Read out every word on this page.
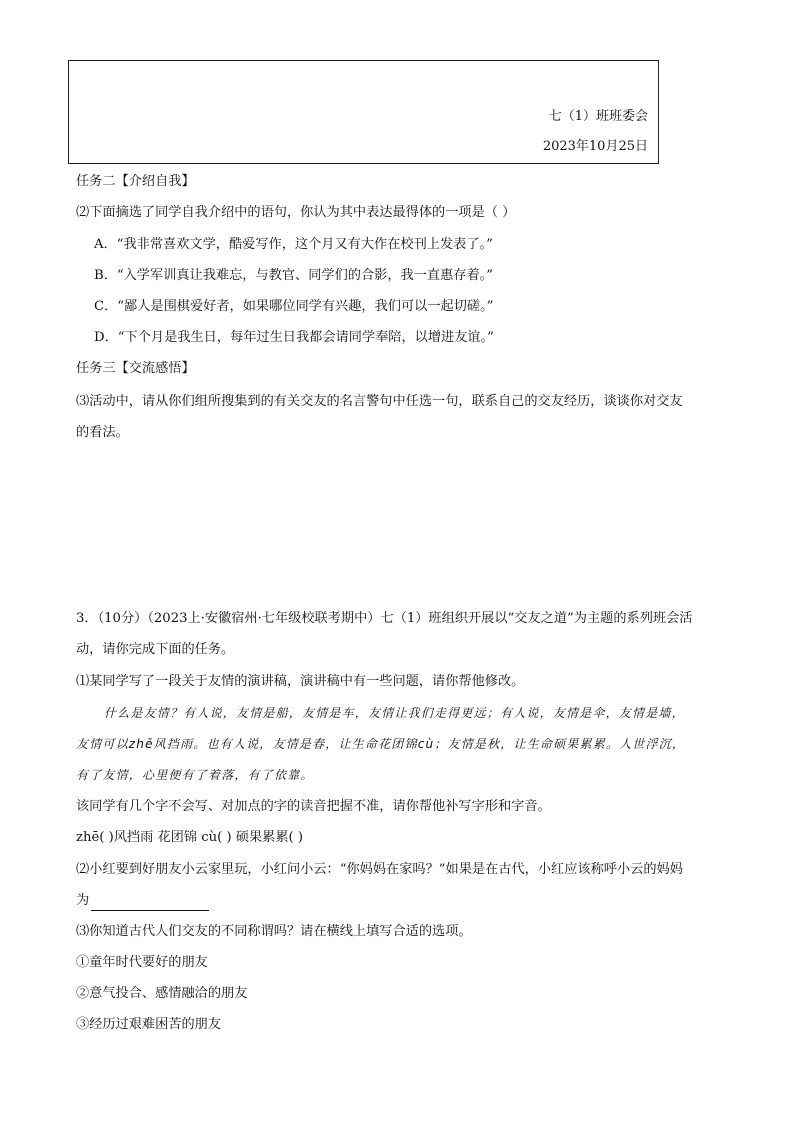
七（1）班班委会
2023年10月25日
任务二【介绍自我】
⑵下面摘选了同学自我介绍中的语句，你认为其中表达最得体的一项是（ ）
A．“我非常喜欢文学，酷爱写作，这个月又有大作在校刊上发表了。”
B．“入学军训真让我难忘，与教官、同学们的合影，我一直惠存着。”
C．“鄙人是围棋爱好者，如果哪位同学有兴趣，我们可以一起切磋。”
D．“下个月是我生日，每年过生日我都会请同学奉陪，以增进友谊。”
任务三【交流感悟】
⑶活动中，请从你们组所搜集到的有关交友的名言警句中任选一句，联系自己的交友经历，谈谈你对交友
的看法。
3．（10分）（2023上·安徽宿州·七年级校联考期中）七（1）班组织开展以“交友之道”为主题的系列班会活
动，请你完成下面的任务。
⑴某同学写了一段关于友情的演讲稿，演讲稿中有一些问题，请你帮他修改。
什么是友情？有人说，友情是船，友情是车，友情让我们走得更远；有人说，友情是伞，友情是墙，
友情可以zhē风挡雨。也有人说，友情是春，让生命花团锦cù；友情是秋，让生命硕果累累。人世浮沉，
有了友情，心里便有了着落，有了依靠。
该同学有几个字不会写、对加点的字的读音把握不准，请你帮他补写字形和字音。
zhē( )风挡雨 花团锦 cù( ) 硕果累累( )
⑵小红要到好朋友小云家里玩，小红问小云：“你妈妈在家吗？”如果是在古代，小红应该称呼小云的妈妈
为
⑶你知道古代人们交友的不同称谓吗？请在横线上填写合适的选项。
①童年时代要好的朋友
②意气投合、感情融洽的朋友
③经历过艰难困苦的朋友
